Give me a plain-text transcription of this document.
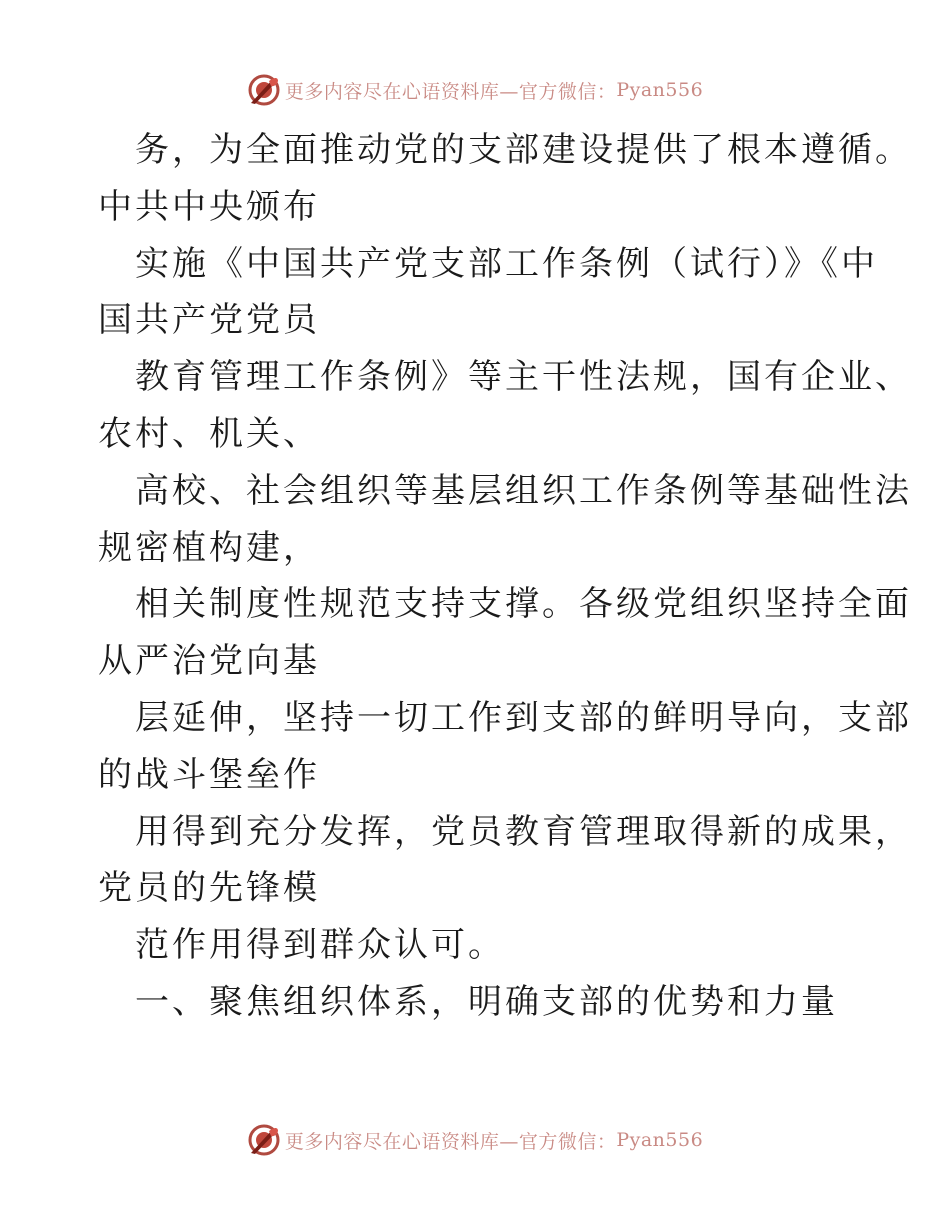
更多内容尽在心语资料库—官方微信： Pyan556
务，为全面推动党的支部建设提供了根本遵循。
中共中央颁布
实施《中国共产党支部工作条例（试行）》《中
国共产党党员
教育管理工作条例》等主干性法规，国有企业、
农村、机关、
高校、社会组织等基层组织工作条例等基础性法
规密植构建，
相关制度性规范支持支撑。各级党组织坚持全面
从严治党向基
层延伸，坚持一切工作到支部的鲜明导向，支部
的战斗堡垒作
用得到充分发挥，党员教育管理取得新的成果，
党员的先锋模
范作用得到群众认可。
一、聚焦组织体系，明确支部的优势和力量
更多内容尽在心语资料库—官方微信： Pyan556
